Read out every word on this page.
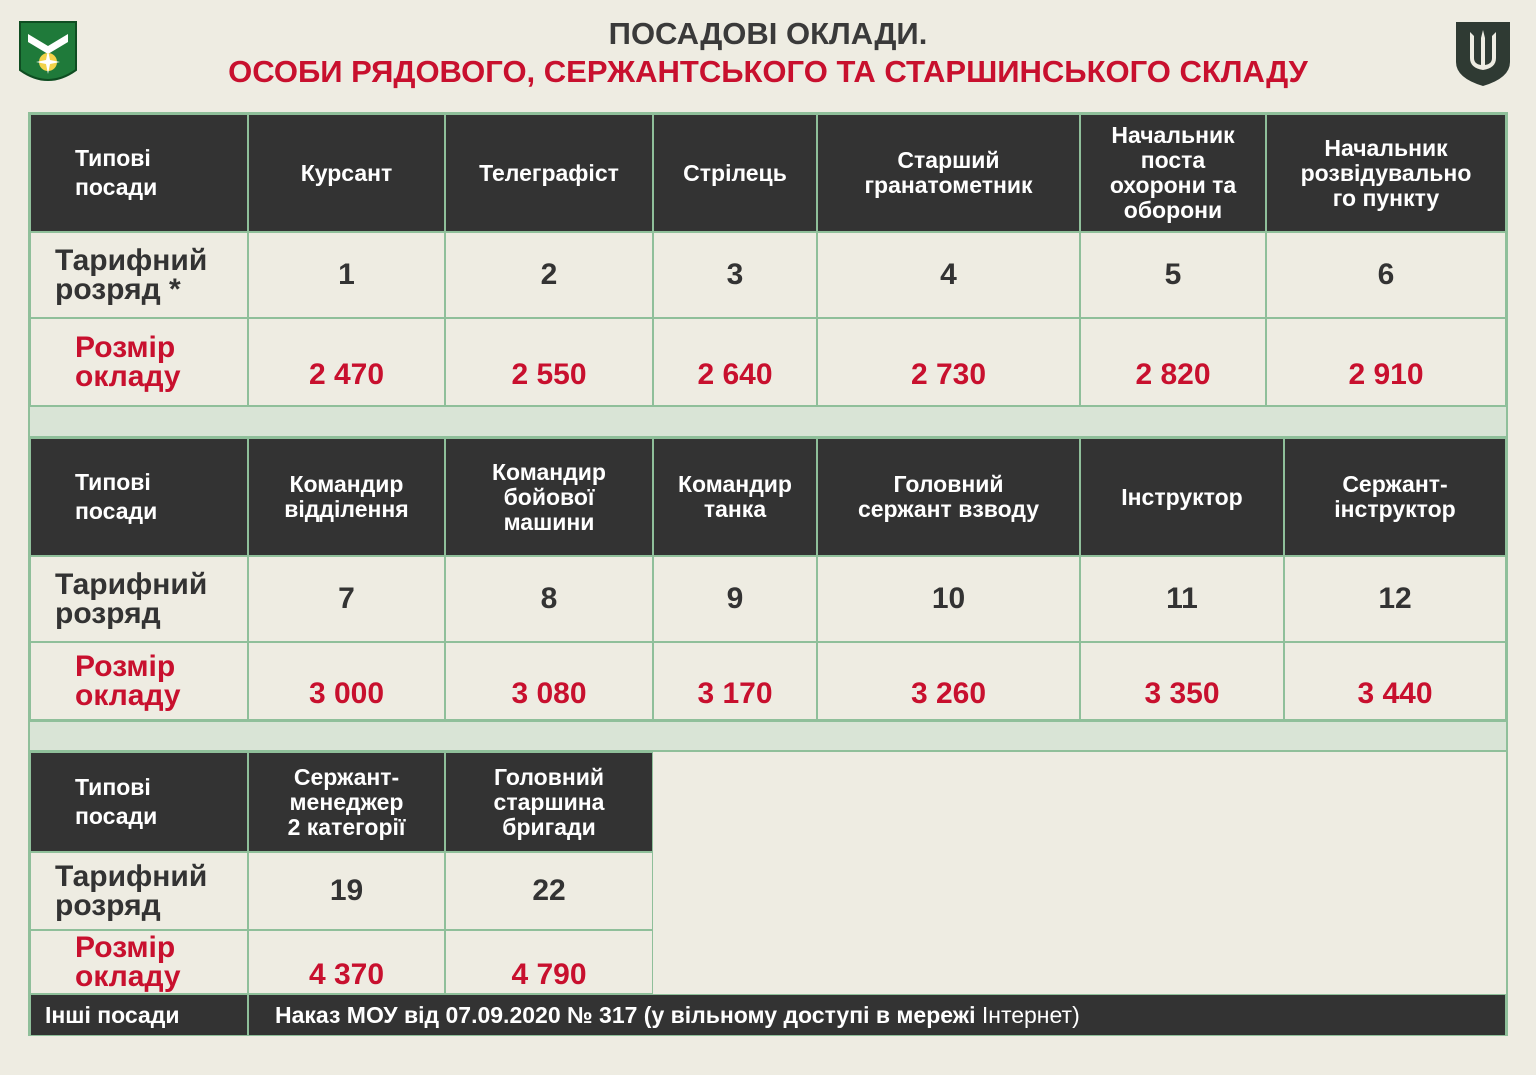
ПОСАДОВІ ОКЛАДИ.
ОСОБИ РЯДОВОГО, СЕРЖАНТСЬКОГО ТА СТАРШИНСЬКОГО СКЛАДУ
Типові
посади
Тарифний
розряд *
Розмір
окладу
Курсант
1
2 470
Телеграфіст
2
2 550
Стрілець
3
2 640
Старший
гранатометник
4
2 730
Начальник
поста
охорони та
оборони
5
2 820
Начальник
розвідувально
го пункту
6
2 910
Типові
посади
Тарифний
розряд
Розмір
окладу
Командир
відділення
7
3 000
Командир
бойової
машини
8
3 080
Командир
танка
9
3 170
Головний
сержант взводу
10
3 260
Інструктор
11
3 350
Сержант-
інструктор
12
3 440
Типові
посади
Тарифний
розряд
Розмір
окладу
Сержант-
менеджер
2 категорії
19
4 370
Головний
старшина
бригади
22
4 790
Інші посади	Наказ МОУ від 07.09.2020 № 317 (у вільному доступі в мережі Інтернет)
